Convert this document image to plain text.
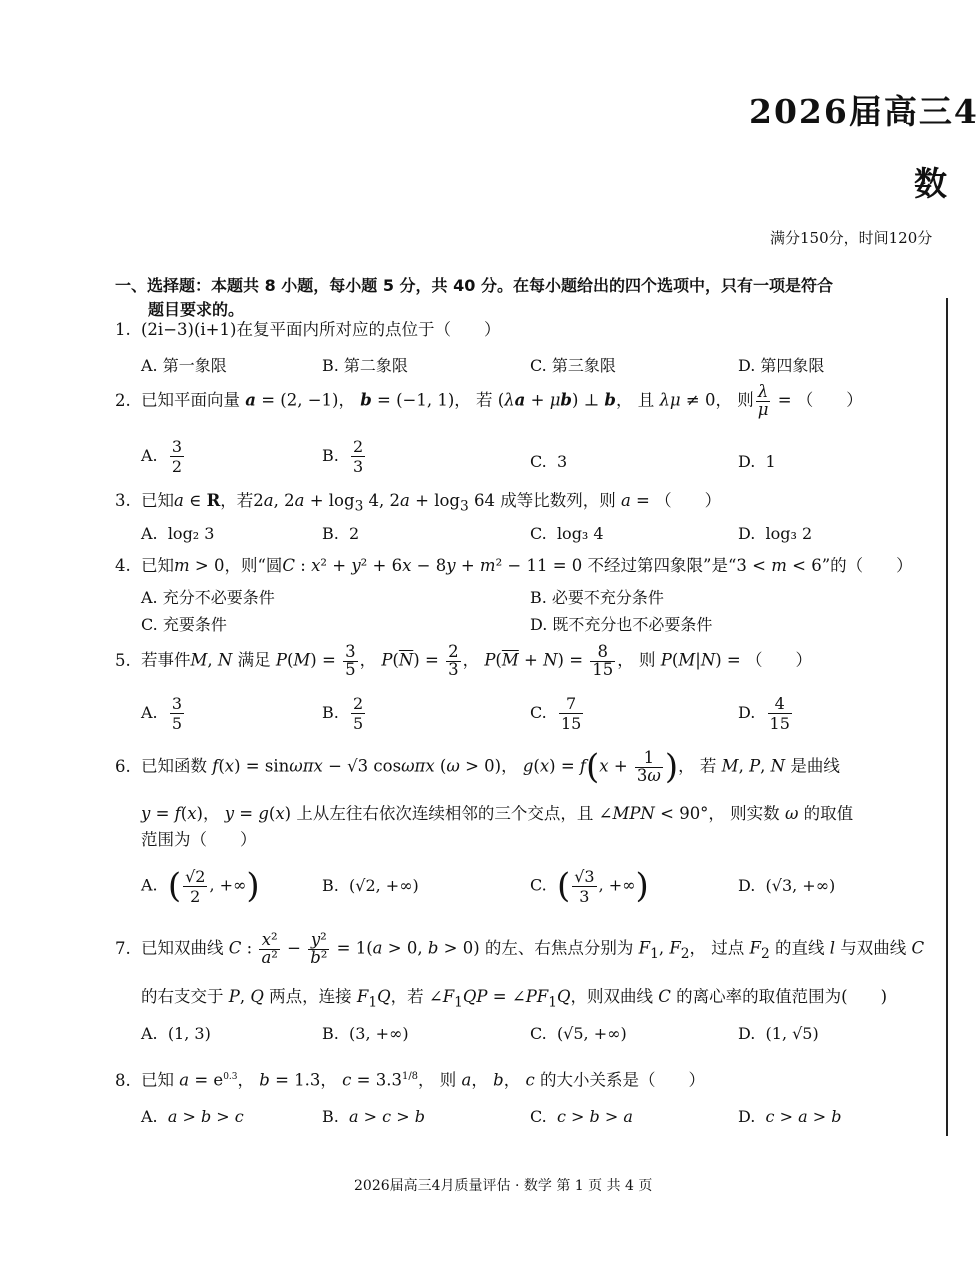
2026届高三4
数
满分150分，时间120分
一、选择题：本题共 8 小题，每小题 5 分，共 40 分。在每小题给出的四个选项中，只有一项是符合
题目要求的。
1. (2i−3)(i+1)在复平面内所对应的点位于（　　）
A. 第一象限	B. 第二象限	C. 第三象限	D. 第四象限
2. 已知平面向量 a = (2, −1)， b = (−1, 1)， 若 (λa + μb) ⊥ b， 且 λμ ≠ 0， 则 $\frac{\lambda}{\mu}$ = （　　）
A. $\frac{3}{2}$	B. $\frac{2}{3}$	C. 3	D. 1
3. 已知a ∈ R，若2a, $2a + \log_3 4$, $2a + \log_3 64$ 成等比数列，则 a = （　　）
A. log₂ 3	B. 2	C. log₃ 4	D. log₃ 2
4. 已知m > 0，则“圆C : x² + y² + 6x − 8y + m² − 11 = 0 不经过第四象限”是“3 < m < 6”的（　　）
A. 充分不必要条件	B. 必要不充分条件
C. 充要条件	D. 既不充分也不必要条件
5. 若事件M, N 满足 $P(M) = \frac{3}{5}$ ， $P(\overline{N}) = \frac{2}{3}$ ， $P(\overline{M} + N) = \frac{8}{15}$ ， 则 P(M|N) = （　　）
A. $\frac{3}{5}$	B. $\frac{2}{5}$	C. $\frac{7}{15}$	D. $\frac{4}{15}$
6. 已知函数 f(x) = sinωπx − √3 cosωπx (ω > 0)， $g(x) = f(x + \frac{1}{3\omega}$ )， 若 M, P, N 是曲线
y = f(x)， y = g(x) 上从左往右依次连续相邻的三个交点，且 ∠MPN < 90°， 则实数 ω 的取值
范围为（　　）
A. ( $\frac{√2}{2}$ , +∞)	B.  (√2, +∞)	C. ( $\frac{√3}{3}$ , +∞)	D.  (√3, +∞)
7. 已知双曲线 C : $\frac{\text{x²}}{\text{a²}} - \frac{\text{y²}}{\text{b²}} = 1(a > 0$, b > 0) 的左、右焦点分别为 $F_1$, $F_2$， 过点 $F_2$ 的直线 l 与双曲线 C
的右支交于 P, Q 两点，连接 $F_1Q$，若 $\angle F_1QP$ = $\angle PF_1Q$，则双曲线 C 的离心率的取值范围为(　　)
A.  (1, 3)	B.  (3, +∞)	C.  (√5, +∞)	D.  (1, √5)
8. 已知 $a = e^{0.3}$， b = 1.3， $c = 3.3^{1/8}$， 则 a， b， c 的大小关系是（　　）
A. a > b > c	B. a > c > b	C. c > b > a	D. c > a > b
2026届高三4月质量评估 · 数学 第 1 页 共 4 页
